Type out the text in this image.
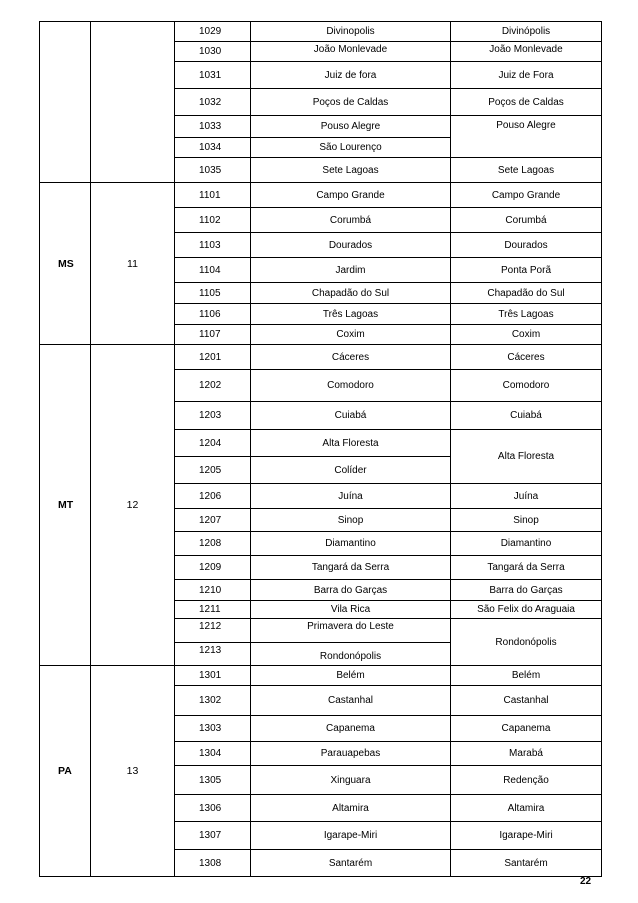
		1029	Divinopolis	Divinópolis
		1030	João Monlevade	João Monlevade
		1031	Juiz de fora	Juiz de Fora
		1032	Poços de Caldas	Poços de Caldas
		1033	Pouso Alegre	Pouso Alegre
		1034	São Lourenço	
		1035	Sete Lagoas	Sete Lagoas
MS	11	1101	Campo Grande	Campo Grande
		1102	Corumbá	Corumbá
		1103	Dourados	Dourados
		1104	Jardim	Ponta Porã
		1105	Chapadão do Sul	Chapadão do Sul
		1106	Três Lagoas	Três Lagoas
		1107	Coxim	Coxim
MT	12	1201	Cáceres	Cáceres
		1202	Comodoro	Comodoro
		1203	Cuiabá	Cuiabá
		1204	Alta Floresta	Alta Floresta
		1205	Colíder	
		1206	Juína	Juína
		1207	Sinop	Sinop
		1208	Diamantino	Diamantino
		1209	Tangará da Serra	Tangará da Serra
		1210	Barra do Garças	Barra do Garças
		1211	Vila Rica	São Felix do Araguaia
		1212	Primavera do Leste	Rondonópolis
		1213	Rondonópolis	
PA	13	1301	Belém	Belém
		1302	Castanhal	Castanhal
		1303	Capanema	Capanema
		1304	Parauapebas	Marabá
		1305	Xinguara	Redenção
		1306	Altamira	Altamira
		1307	Igarape-Miri	Igarape-Miri
		1308	Santarém	Santarém
22
